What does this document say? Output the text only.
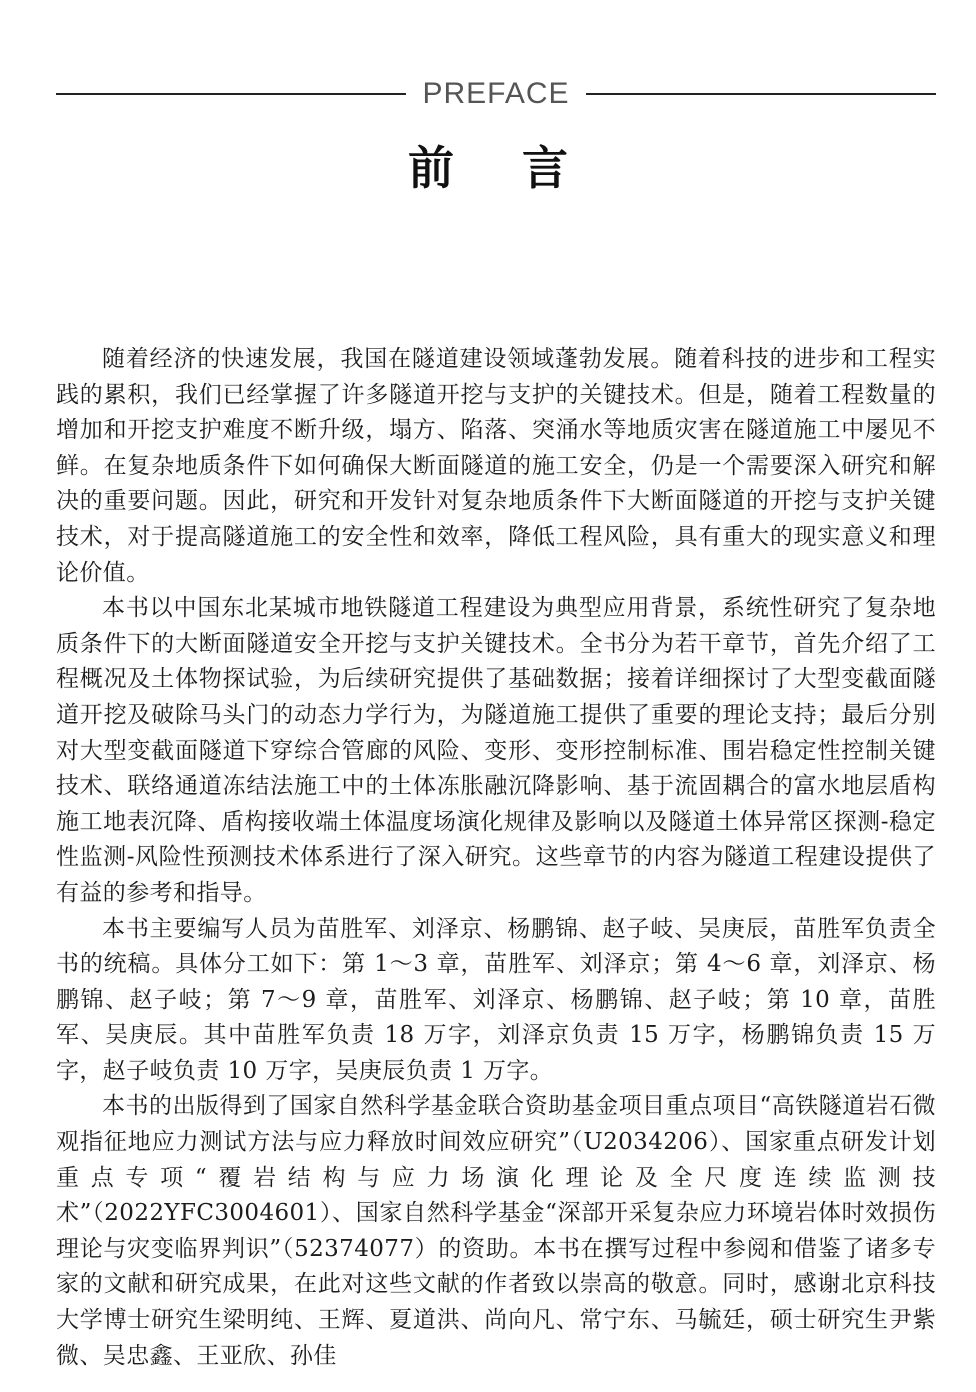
PREFACE
前言

随着经济的快速发展，我国在隧道建设领域蓬勃发展。随着科技的进步和工程实践的累积，我们已经掌握了许多隧道开挖与支护的关键技术。但是，随着工程数量的增加和开挖支护难度不断升级，塌方、陷落、突涌水等地质灾害在隧道施工中屡见不鲜。在复杂地质条件下如何确保大断面隧道的施工安全，仍是一个需要深入研究和解决的重要问题。因此，研究和开发针对复杂地质条件下大断面隧道的开挖与支护关键技术，对于提高隧道施工的安全性和效率，降低工程风险，具有重大的现实意义和理论价值。

本书以中国东北某城市地铁隧道工程建设为典型应用背景，系统性研究了复杂地质条件下的大断面隧道安全开挖与支护关键技术。全书分为若干章节，首先介绍了工程概况及土体物探试验，为后续研究提供了基础数据；接着详细探讨了大型变截面隧道开挖及破除马头门的动态力学行为，为隧道施工提供了重要的理论支持；最后分别对大型变截面隧道下穿综合管廊的风险、变形、变形控制标准、围岩稳定性控制关键技术、联络通道冻结法施工中的土体冻胀融沉降影响、基于流固耦合的富水地层盾构施工地表沉降、盾构接收端土体温度场演化规律及影响以及隧道土体异常区探测-稳定性监测-风险性预测技术体系进行了深入研究。这些章节的内容为隧道工程建设提供了有益的参考和指导。

本书主要编写人员为苗胜军、刘泽京、杨鹏锦、赵子岐、吴庚辰，苗胜军负责全书的统稿。具体分工如下：第 1～3 章，苗胜军、刘泽京；第 4～6 章，刘泽京、杨鹏锦、赵子岐；第 7～9 章，苗胜军、刘泽京、杨鹏锦、赵子岐；第 10 章，苗胜军、吴庚辰。其中苗胜军负责 18 万字，刘泽京负责 15 万字，杨鹏锦负责 15 万字，赵子岐负责 10 万字，吴庚辰负责 1 万字。

本书的出版得到了国家自然科学基金联合资助基金项目重点项目“高铁隧道岩石微观指征地应力测试方法与应力释放时间效应研究”（U2034206）、国家重点研发计划重点专项“覆岩结构与应力场演化理论及全尺度连续监测技术”（2022YFC3004601）、国家自然科学基金“深部开采复杂应力环境岩体时效损伤理论与灾变临界判识”（52374077）的资助。本书在撰写过程中参阅和借鉴了诸多专家的文献和研究成果，在此对这些文献的作者致以崇高的敬意。同时，感谢北京科技大学博士研究生梁明纯、王辉、夏道洪、尚向凡、常宁东、马毓廷，硕士研究生尹紫微、吴忠鑫、王亚欣、孙佳
